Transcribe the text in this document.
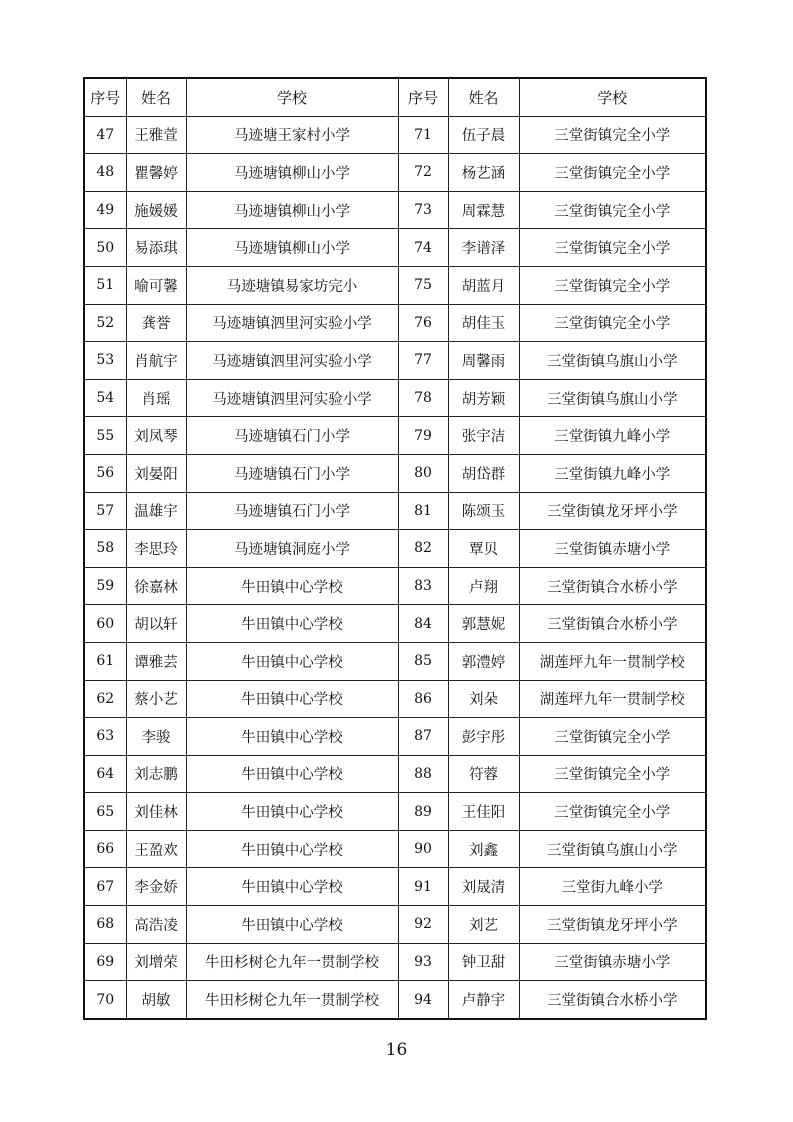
序号	姓名	学校	序号	姓名	学校
47	王雅萱	马迹塘王家村小学	71	伍子晨	三堂街镇完全小学
48	瞿馨婷	马迹塘镇柳山小学	72	杨艺涵	三堂街镇完全小学
49	施媛媛	马迹塘镇柳山小学	73	周霖慧	三堂街镇完全小学
50	易添琪	马迹塘镇柳山小学	74	李谱泽	三堂街镇完全小学
51	喻可馨	马迹塘镇易家坊完小	75	胡蓝月	三堂街镇完全小学
52	龚誉	马迹塘镇泗里河实验小学	76	胡佳玉	三堂街镇完全小学
53	肖航宇	马迹塘镇泗里河实验小学	77	周馨雨	三堂街镇乌旗山小学
54	肖瑶	马迹塘镇泗里河实验小学	78	胡芳颖	三堂街镇乌旗山小学
55	刘凤琴	马迹塘镇石门小学	79	张宇洁	三堂街镇九峰小学
56	刘晏阳	马迹塘镇石门小学	80	胡岱群	三堂街镇九峰小学
57	温雄宇	马迹塘镇石门小学	81	陈颂玉	三堂街镇龙牙坪小学
58	李思玲	马迹塘镇洞庭小学	82	覃贝	三堂街镇赤塘小学
59	徐嘉林	牛田镇中心学校	83	卢翔	三堂街镇合水桥小学
60	胡以轩	牛田镇中心学校	84	郭慧妮	三堂街镇合水桥小学
61	谭雅芸	牛田镇中心学校	85	郭澧婷	湖莲坪九年一贯制学校
62	蔡小艺	牛田镇中心学校	86	刘朵	湖莲坪九年一贯制学校
63	李骏	牛田镇中心学校	87	彭宇彤	三堂街镇完全小学
64	刘志鹏	牛田镇中心学校	88	符蓉	三堂街镇完全小学
65	刘佳林	牛田镇中心学校	89	王佳阳	三堂街镇完全小学
66	王盈欢	牛田镇中心学校	90	刘鑫	三堂街镇乌旗山小学
67	李金娇	牛田镇中心学校	91	刘晟清	三堂街九峰小学
68	高浩凌	牛田镇中心学校	92	刘艺	三堂街镇龙牙坪小学
69	刘增荣	牛田杉树仑九年一贯制学校	93	钟卫甜	三堂街镇赤塘小学
70	胡敏	牛田杉树仑九年一贯制学校	94	卢静宇	三堂街镇合水桥小学
16
